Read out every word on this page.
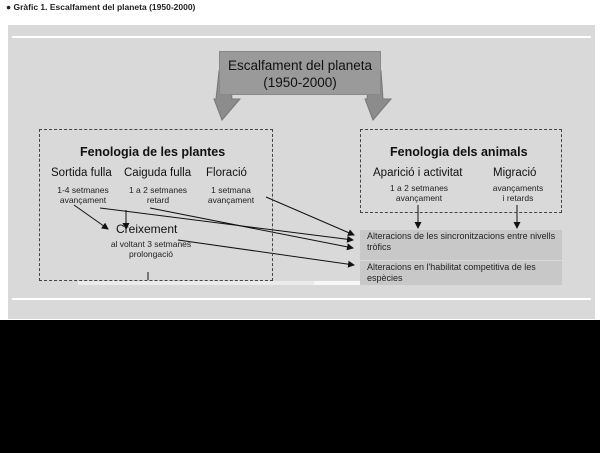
● Gràfic 1. Escalfament del planeta (1950-2000)
Escalfament del planeta
(1950-2000)
Fenologia de les plantes
Sortida fulla Caiguda fulla Floració
1-4 setmanes
avançament
1 a 2 setmanes
retard
1 setmana
avançament
Creixement
al voltant 3 setmanes
prolongació
Fenologia dels animals
Aparició i activitat	Migració
1 a 2 setmanes
avançament
avançaments
i retards
Alteracions de les sincronitzacions entre nivells tròfics
Alteracions en l'habilitat competitiva de les espècies
